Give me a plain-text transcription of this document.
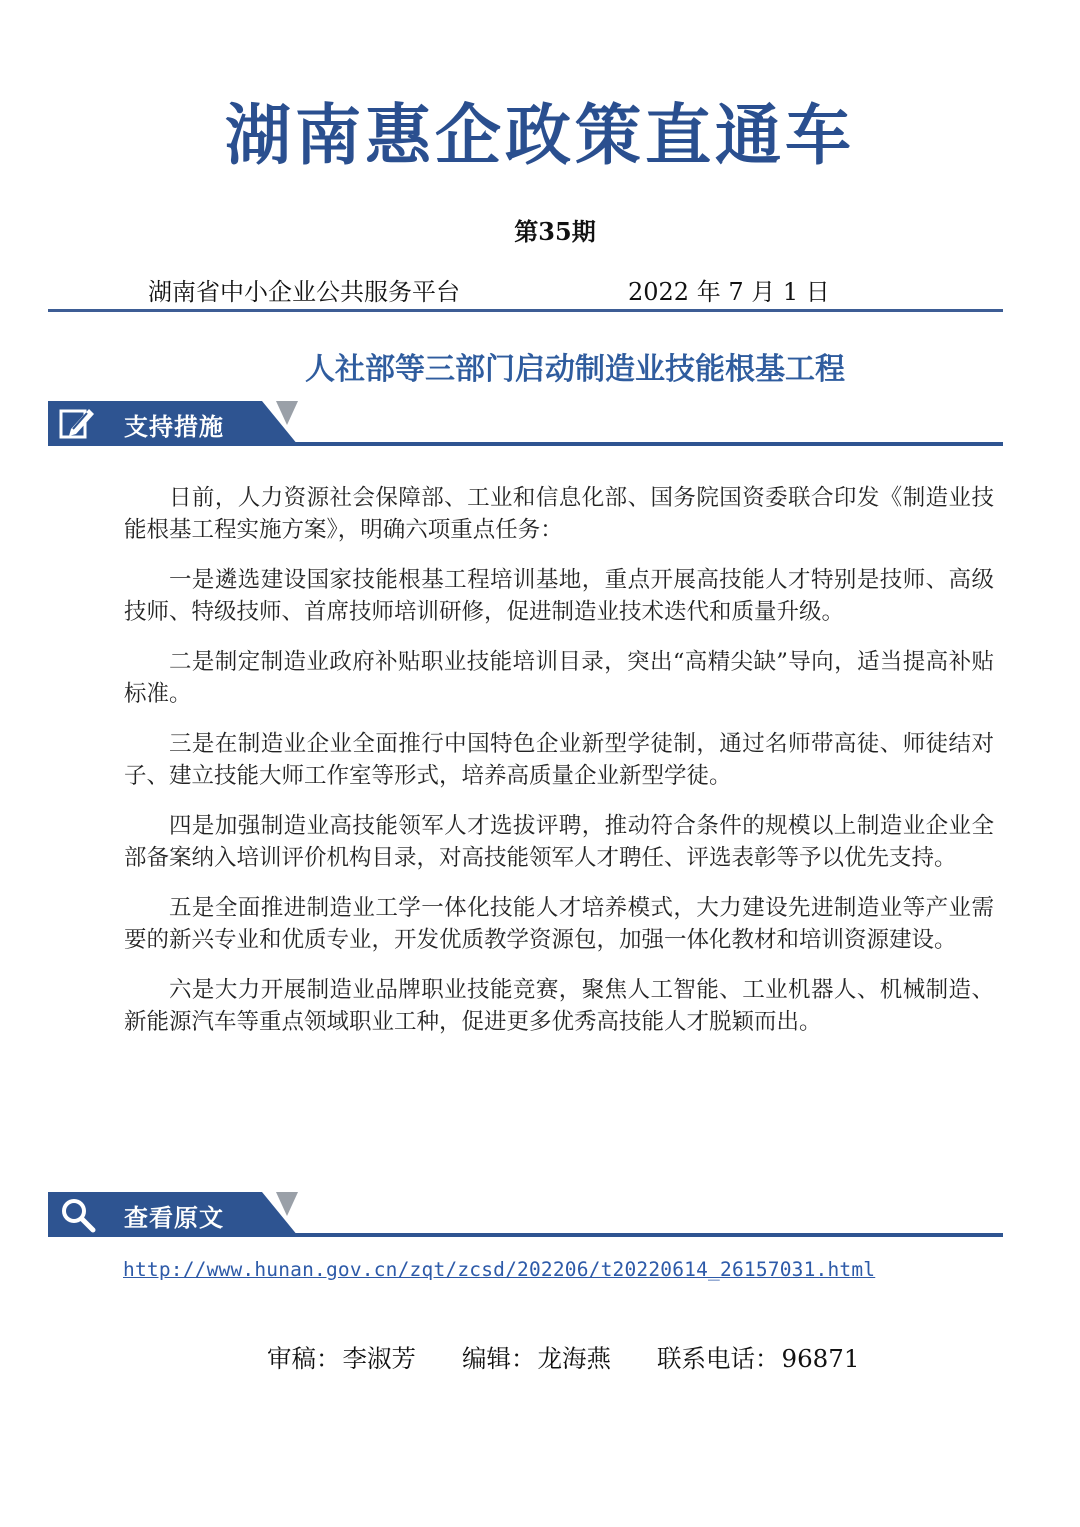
湖南惠企政策直通车
第35期
湖南省中小企业公共服务平台	2022 年 7 月 1 日
人社部等三部门启动制造业技能根基工程
支持措施

日前，人力资源社会保障部、工业和信息化部、国务院国资委联合印发《制造业技能根基工程实施方案》，明确六项重点任务：

一是遴选建设国家技能根基工程培训基地，重点开展高技能人才特别是技师、高级技师、特级技师、首席技师培训研修，促进制造业技术迭代和质量升级。

二是制定制造业政府补贴职业技能培训目录，突出“高精尖缺”导向，适当提高补贴标准。

三是在制造业企业全面推行中国特色企业新型学徒制，通过名师带高徒、师徒结对子、建立技能大师工作室等形式，培养高质量企业新型学徒。

四是加强制造业高技能领军人才选拔评聘，推动符合条件的规模以上制造业企业全部备案纳入培训评价机构目录，对高技能领军人才聘任、评选表彰等予以优先支持。

五是全面推进制造业工学一体化技能人才培养模式，大力建设先进制造业等产业需要的新兴专业和优质专业，开发优质教学资源包，加强一体化教材和培训资源建设。

六是大力开展制造业品牌职业技能竞赛，聚焦人工智能、工业机器人、机械制造、新能源汽车等重点领域职业工种，促进更多优秀高技能人才脱颖而出。

查看原文
http://www.hunan.gov.cn/zqt/zcsd/202206/t20220614_26157031.html
审稿：李淑芳 编辑：龙海燕 联系电话：96871
